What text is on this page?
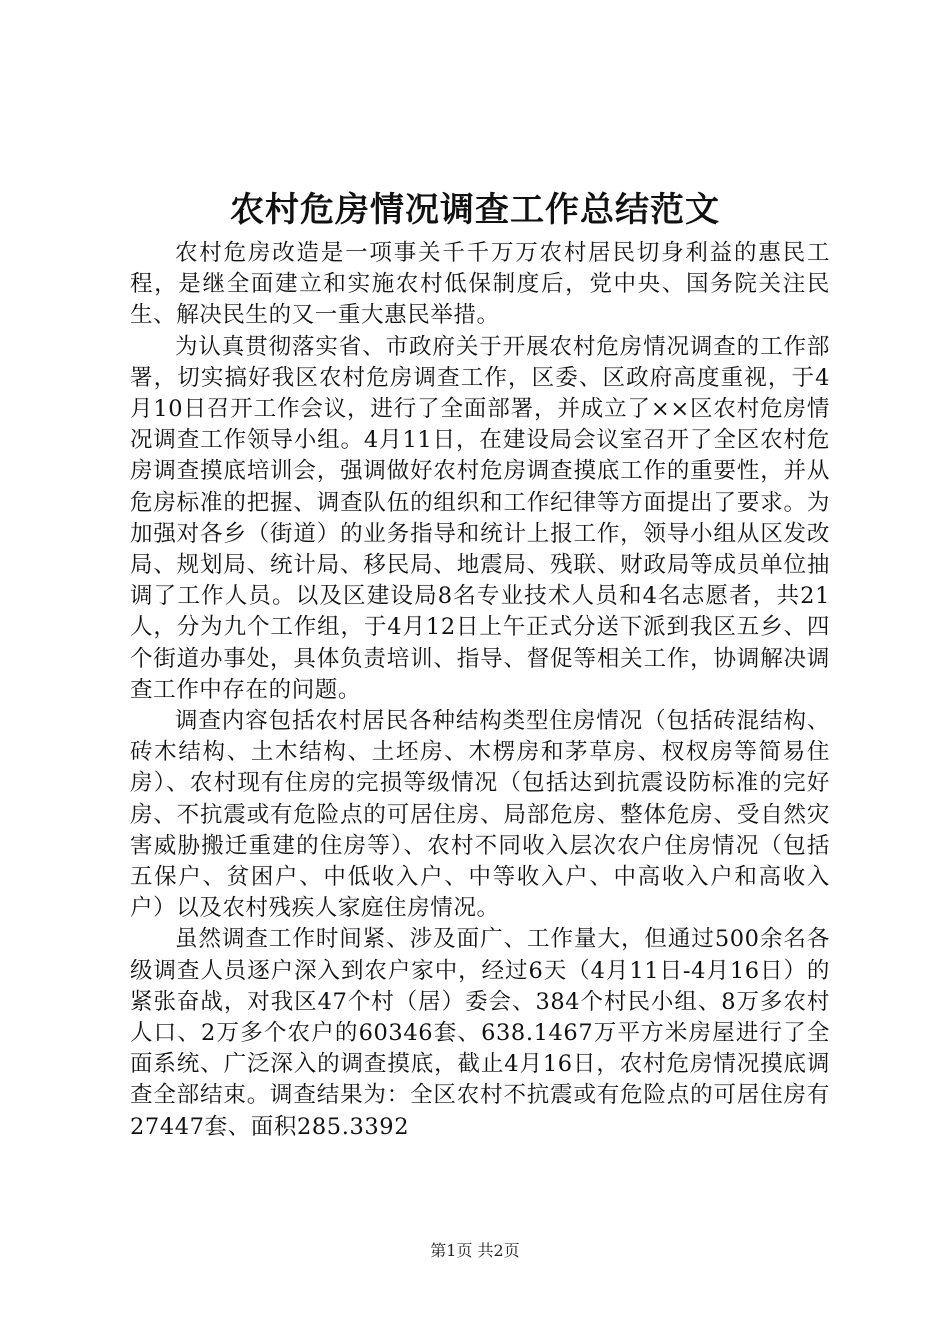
农村危房情况调查工作总结范文

农村危房改造是一项事关千千万万农村居民切身利益的惠民工程，是继全面建立和实施农村低保制度后，党中央、国务院关注民生、解决民生的又一重大惠民举措。

为认真贯彻落实省、市政府关于开展农村危房情况调查的工作部署，切实搞好我区农村危房调查工作，区委、区政府高度重视，于4月10日召开工作会议，进行了全面部署，并成立了××区农村危房情况调查工作领导小组。4月11日，在建设局会议室召开了全区农村危房调查摸底培训会，强调做好农村危房调查摸底工作的重要性，并从危房标准的把握、调查队伍的组织和工作纪律等方面提出了要求。为加强对各乡（街道）的业务指导和统计上报工作，领导小组从区发改局、规划局、统计局、移民局、地震局、残联、财政局等成员单位抽调了工作人员。以及区建设局8名专业技术人员和4名志愿者，共21人，分为九个工作组，于4月12日上午正式分送下派到我区五乡、四个街道办事处，具体负责培训、指导、督促等相关工作，协调解决调查工作中存在的问题。

调查内容包括农村居民各种结构类型住房情况（包括砖混结构、砖木结构、土木结构、土坯房、木楞房和茅草房、杈杈房等简易住房）、农村现有住房的完损等级情况（包括达到抗震设防标准的完好房、不抗震或有危险点的可居住房、局部危房、整体危房、受自然灾害威胁搬迁重建的住房等）、农村不同收入层次农户住房情况（包括五保户、贫困户、中低收入户、中等收入户、中高收入户和高收入户）以及农村残疾人家庭住房情况。

虽然调查工作时间紧、涉及面广、工作量大，但通过500余名各级调查人员逐户深入到农户家中，经过6天（4月11日-4月16日）的紧张奋战，对我区47个村（居）委会、384个村民小组、8万多农村人口、2万多个农户的60346套、638.1467万平方米房屋进行了全面系统、广泛深入的调查摸底，截止4月16日，农村危房情况摸底调查全部结束。调查结果为：全区农村不抗震或有危险点的可居住房有27447套、面积285.3392

第1页 共2页
